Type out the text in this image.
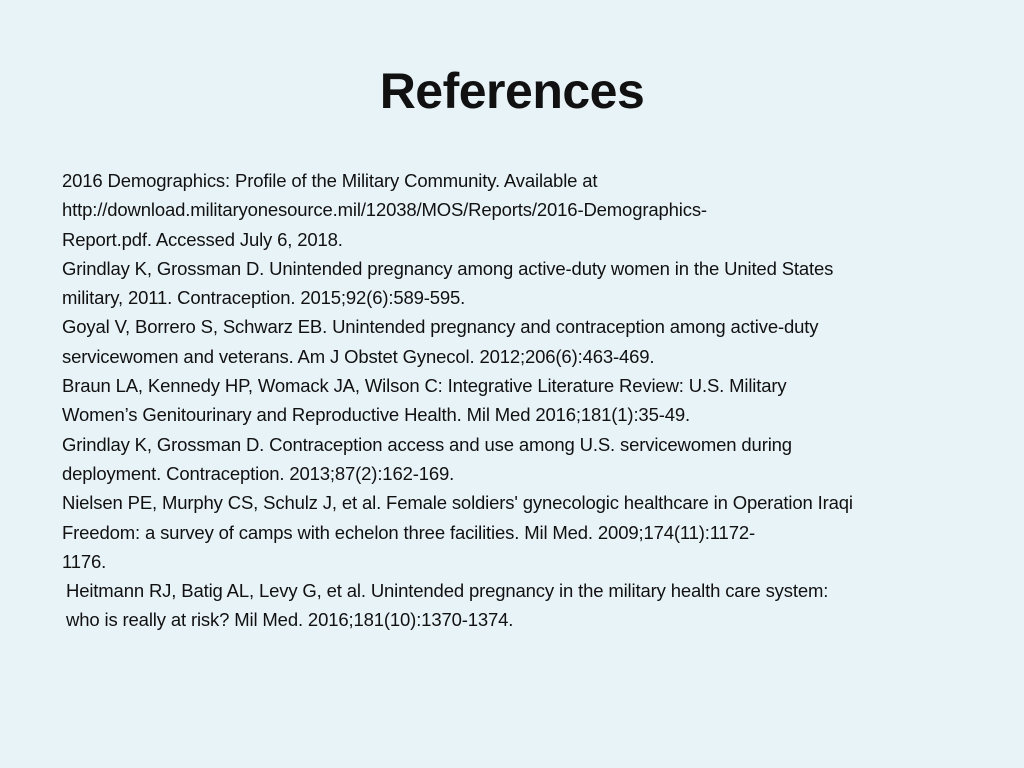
References
2016 Demographics: Profile of the Military Community. Available at
http://download.militaryonesource.mil/12038/MOS/Reports/2016-Demographics-
Report.pdf. Accessed July 6, 2018.
Grindlay K, Grossman D. Unintended pregnancy among active-duty women in the United States
military, 2011. Contraception. 2015;92(6):589-595.
Goyal V, Borrero S, Schwarz EB. Unintended pregnancy and contraception among active-duty
servicewomen and veterans. Am J Obstet Gynecol. 2012;206(6):463-469.
Braun LA, Kennedy HP, Womack JA, Wilson C: Integrative Literature Review: U.S. Military
Women’s Genitourinary and Reproductive Health. Mil Med 2016;181(1):35-49.
Grindlay K, Grossman D. Contraception access and use among U.S. servicewomen during
deployment. Contraception. 2013;87(2):162-169.
Nielsen PE, Murphy CS, Schulz J, et al. Female soldiers' gynecologic healthcare in Operation Iraqi
Freedom: a survey of camps with echelon three facilities. Mil Med. 2009;174(11):1172-
1176.
Heitmann RJ, Batig AL, Levy G, et al. Unintended pregnancy in the military health care system:
who is really at risk? Mil Med. 2016;181(10):1370-1374.
